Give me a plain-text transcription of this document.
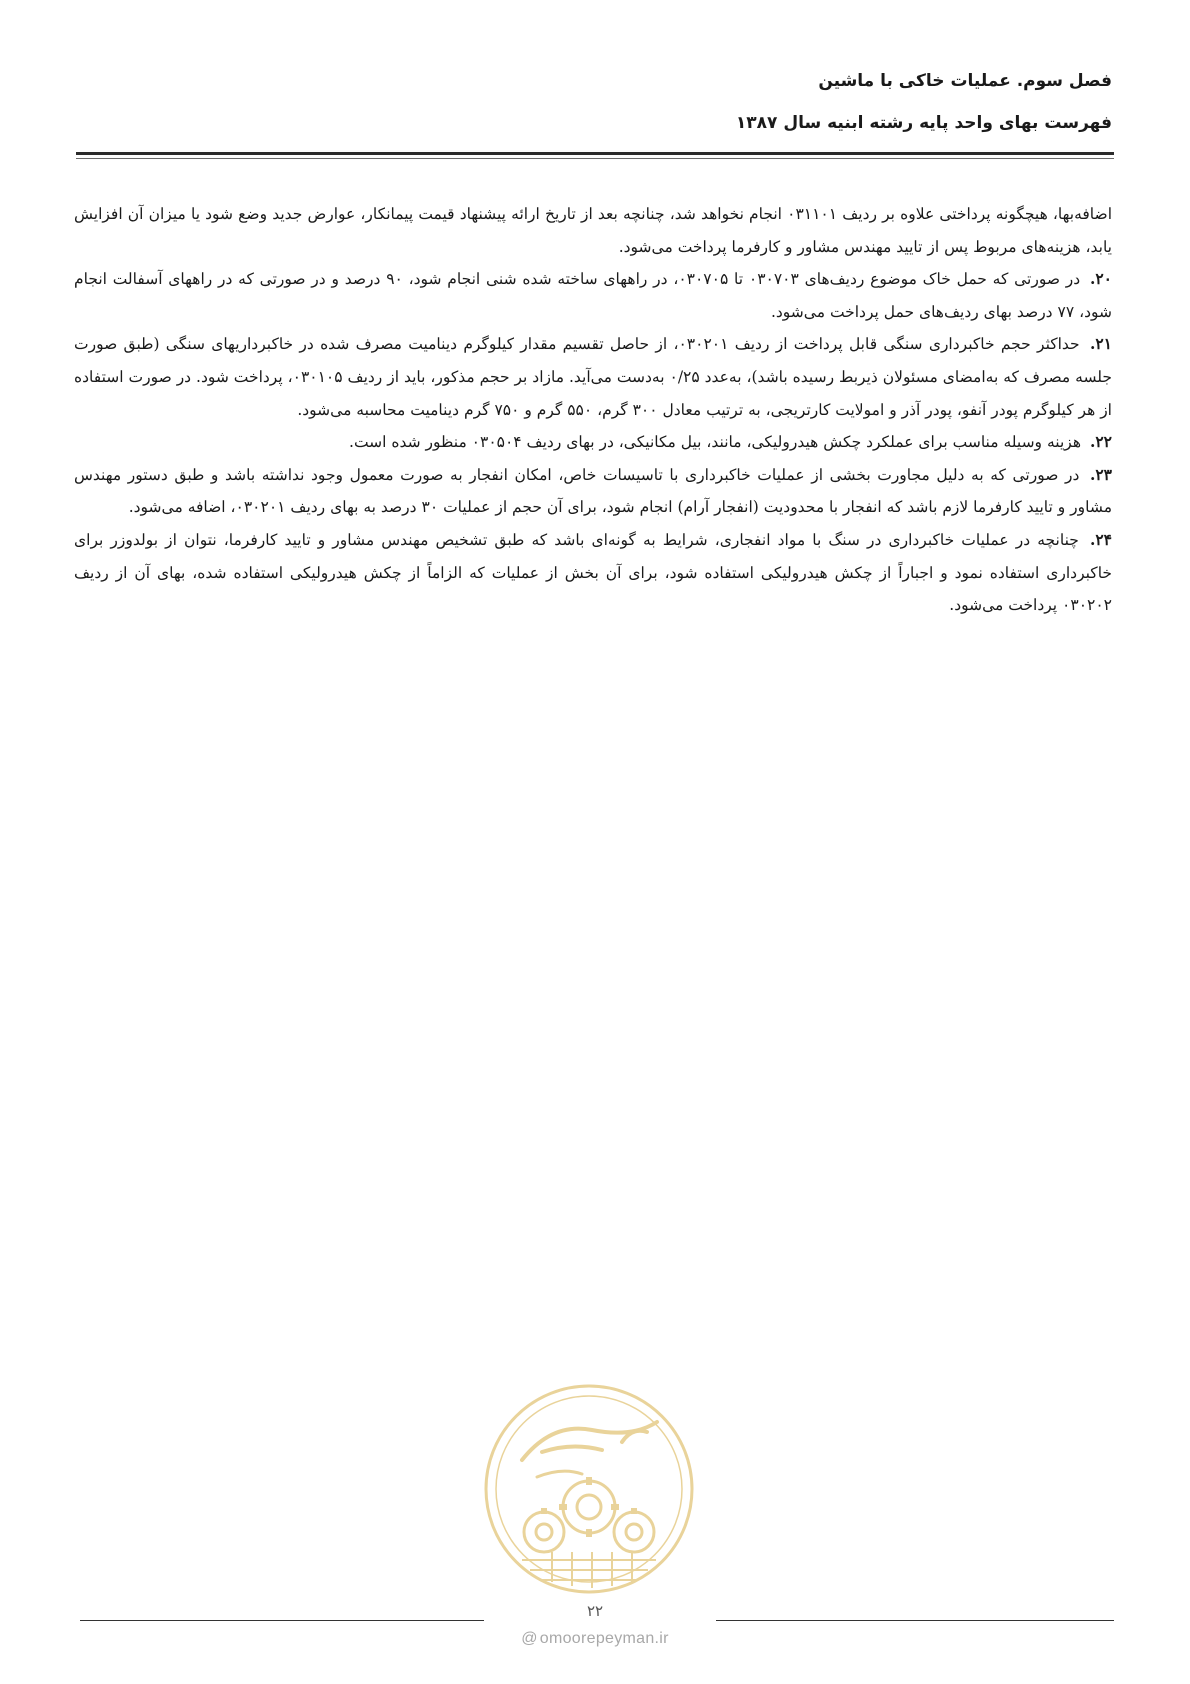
فصل سوم. عملیات خاکی با ماشین

فهرست بهای واحد پایه رشته ابنیه سال ۱۳۸۷

اضافه‌بها، هیچگونه پرداختی علاوه بر ردیف ۰۳۱۱۰۱ انجام نخواهد شد، چنانچه بعد از تاریخ ارائه پیشنهاد قیمت پیمانکار، عوارض جدید وضع شود یا میزان آن افزایش یابد، هزینه‌های مربوط پس از تایید مهندس مشاور و کارفرما پرداخت می‌شود.

۲۰. در صورتی که حمل خاک موضوع ردیف‌های ۰۳۰۷۰۳ تا ۰۳۰۷۰۵، در راههای ساخته شده شنی انجام شود، ۹۰ درصد و در صورتی که در راههای آسفالت انجام شود، ۷۷ درصد بهای ردیف‌های حمل پرداخت می‌شود.

۲۱. حداکثر حجم خاکبرداری سنگی قابل پرداخت از ردیف ۰۳۰۲۰۱، از حاصل تقسیم مقدار کیلوگرم دینامیت مصرف شده در خاکبرداریهای سنگی (طبق صورت جلسه مصرف که به‌امضای مسئولان ذیربط رسیده باشد)، به‌عدد ۰/۲۵ به‌دست می‌آید. مازاد بر حجم مذکور، باید از ردیف ۰۳۰۱۰۵، پرداخت شود. در صورت استفاده از هر کیلوگرم پودر آنفو، پودر آذر و امولایت کارتریجی، به ترتیب معادل ۳۰۰ گرم، ۵۵۰ گرم و ۷۵۰ گرم دینامیت محاسبه می‌شود.

۲۲. هزینه وسیله مناسب برای عملکرد چکش هیدرولیکی، مانند، بیل مکانیکی، در بهای ردیف ۰۳۰۵۰۴ منظور شده است.

۲۳. در صورتی که به دلیل مجاورت بخشی از عملیات خاکبرداری با تاسیسات خاص، امکان انفجار به صورت معمول وجود نداشته باشد و طبق دستور مهندس مشاور و تایید کارفرما لازم باشد که انفجار با محدودیت (انفجار آرام) انجام شود، برای آن حجم از عملیات ۳۰ درصد به بهای ردیف ۰۳۰۲۰۱، اضافه می‌شود.

۲۴. چنانچه در عملیات خاکبرداری در سنگ با مواد انفجاری، شرایط به گونه‌ای باشد که طبق تشخیص مهندس مشاور و تایید کارفرما، نتوان از بولدوزر برای خاکبرداری استفاده نمود و اجباراً از چکش هیدرولیکی استفاده شود، برای آن بخش از عملیات که الزاماً از چکش هیدرولیکی استفاده شده، بهای آن از ردیف ۰۳۰۲۰۲ پرداخت می‌شود.

۲۲
@ omoorepeyman.ir
